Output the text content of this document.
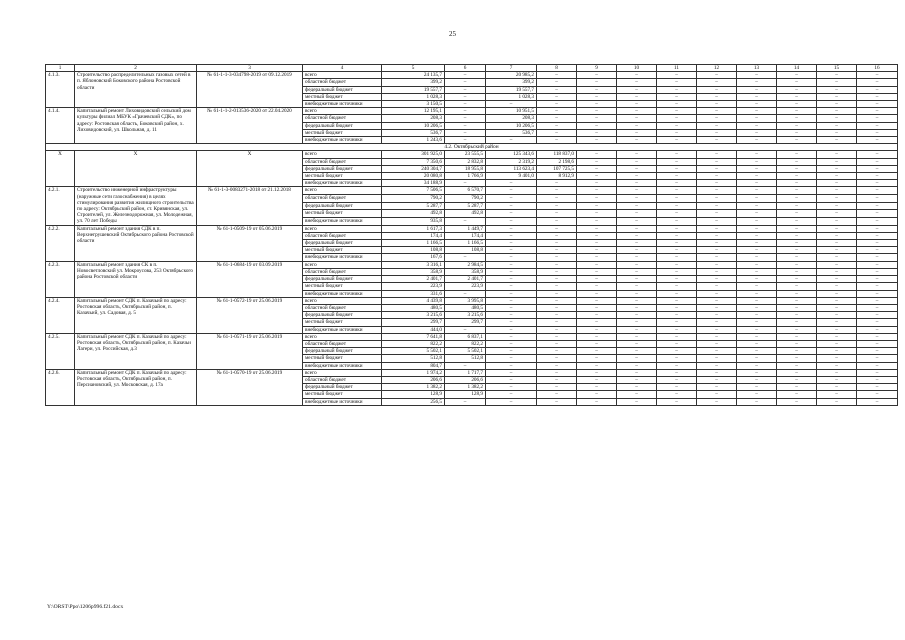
25
1	2	3	4	5	6	7	8	9	10	11	12	13	14	15	16
4.1.3.	Строительство распределительных газовых сетей в п. Яблоновский Боковского района Ростовской области	№ 61-1-1-3-034798-2019 от 09.12.2019	всего	24 135,7	–	20 985,2	–	–	–	–	–	–	–	–	–
			областной бюджет	399,2	–	399,2	–	–	–	–	–	–	–	–	–
			федеральный бюджет	19 557,7	–	19 557,7	–	–	–	–	–	–	–	–	–
			местный бюджет	1 028,3	–	1 028,3	–	–	–	–	–	–	–	–	–
			внебюджетные источники	3 150,5	–	–	–	–	–	–	–	–	–	–	–
4.1.4.	Капитальный ремонт Лиховидовский сельский дом культуры филиал МБУК «Грачевский СДК», по адресу: Ростовская область, Боковский район, х. Лиховидовский, ул. Школьная, д. 11	№ 61-1-1-2-013536-2020 от 22.04.2020	всего	12 195,1	–	10 951,5	–	–	–	–	–	–	–	–	–
			областной бюджет	208,3	–	208,3	–	–	–	–	–	–	–	–	–
			федеральный бюджет	10 206,5	–	10 206,5	–	–	–	–	–	–	–	–	–
			местный бюджет	536,7	–	536,7	–	–	–	–	–	–	–	–	–
			внебюджетные источники	1 243,6	–	–	–	–	–	–	–	–	–	–	–
4.2. Октябрьский район															
X	X	X	всего	301 925,0	23 555,5	125 343,6	118 837,0	–	–	–	–	–	–	–	–
			областной бюджет	7 350,6	2 832,8	2 319,2	2 198,6	–	–	–	–	–	–	–	–
			федеральный бюджет	240 304,7	18 955,8	113 623,4	107 725,5	–	–	–	–	–	–	–	–
			местный бюджет	20 080,8	1 766,9	9 401,0	8 912,9	–	–	–	–	–	–	–	–
			внебюджетные источники	34 188,9	–	–	–	–	–	–	–	–	–	–	–
4.2.1.	Строительство инженерной инфраструктуры (наружные сети газоснабжения) в целях стимулирования развития жилищного строительства по адресу: Октябрьский район, ст. Кривянская, ул. Строителей, ул. Железнодорожная, ул. Молодежная, ул. 70 лет Победы	№ 61-1-3-0083271-2018 от 21.12.2018	всего	7 506,5	6 570,7	–	–	–	–	–	–	–	–	–	–
			областной бюджет	790,2	790,2	–	–	–	–	–	–	–	–	–	–
			федеральный бюджет	5 287,7	5 287,7	–	–	–	–	–	–	–	–	–	–
			местный бюджет	492,8	492,8	–	–	–	–	–	–	–	–	–	–
			внебюджетные источники	935,8	–	–	–	–	–	–	–	–	–	–	–
4.2.2.	Капитальный ремонт здания СДК в п. Верхнегрушевский Октябрьского района Ростовской области	№ 61-1-0509-19 от 05.06.2019	всего	1 617,3	1 449,7	–	–	–	–	–	–	–	–	–	–
			областной бюджет	174,4	174,4	–	–	–	–	–	–	–	–	–	–
			федеральный бюджет	1 166,5	1 166,5	–	–	–	–	–	–	–	–	–	–
			местный бюджет	108,8	108,8	–	–	–	–	–	–	–	–	–	–
			внебюджетные источники	167,6	–	–	–	–	–	–	–	–	–	–	–
4.2.3.	Капитальный ремонт здания СК в п. Новосветловский ул. Мокроусова, 253 Октябрьского района Ростовской области	№ 61-1-0684-19 от 03.09.2019	всего	3 316,1	2 984,5	–	–	–	–	–	–	–	–	–	–
			областной бюджет	358,9	358,9	–	–	–	–	–	–	–	–	–	–
			федеральный бюджет	2 401,7	2 401,7	–	–	–	–	–	–	–	–	–	–
			местный бюджет	223,9	223,9	–	–	–	–	–	–	–	–	–	–
			внебюджетные источники	331,6	–	–	–	–	–	–	–	–	–	–	–
4.2.4.	Капитальный ремонт СДК п. Казачьий по адресу: Ростовская область, Октябрьский район, п. Казачьий, ул. Садовая, д. 5	№ 61-1-0572-19 от 25.06.2019	всего	4 439,8	3 995,8	–	–	–	–	–	–	–	–	–	–
			областной бюджет	480,5	480,5	–	–	–	–	–	–	–	–	–	–
			федеральный бюджет	3 215,6	3 215,6	–	–	–	–	–	–	–	–	–	–
			местный бюджет	299,7	299,7	–	–	–	–	–	–	–	–	–	–
			внебюджетные источники	444,0	–	–	–	–	–	–	–	–	–	–	–
4.2.5.	Капитальный ремонт СДК п. Казачьий по адресу: Ростовская область, Октябрьский район, п. Казачьи Лагери, ул. Российская, д.3	№ 61-1-0571-19 от 25.06.2019	всего	7 641,8	6 837,1	–	–	–	–	–	–	–	–	–	–
			областной бюджет	822,2	822,2	–	–	–	–	–	–	–	–	–	–
			федеральный бюджет	5 502,1	5 502,1	–	–	–	–	–	–	–	–	–	–
			местный бюджет	512,8	512,8	–	–	–	–	–	–	–	–	–	–
			внебюджетные источники	804,7	–	–	–	–	–	–	–	–	–	–	–
4.2.6.	Капитальный ремонт СДК п. Казачьий по адресу: Ростовская область, Октябрьский район, п. Персиановский, ул. Московская, д. 17а	№ 61-1-0570-19 от 25.06.2019	всего	1 974,2	1 717,7	–	–	–	–	–	–	–	–	–	–
			областной бюджет	206,6	206,6	–	–	–	–	–	–	–	–	–	–
			федеральный бюджет	1 382,2	1 382,2	–	–	–	–	–	–	–	–	–	–
			местный бюджет	128,9	128,9	–	–	–	–	–	–	–	–	–	–
			внебюджетные источники	256,5	–	–	–	–	–	–	–	–	–	–	–
Y:\ORST\Ppo\1206p996.f21.docx
